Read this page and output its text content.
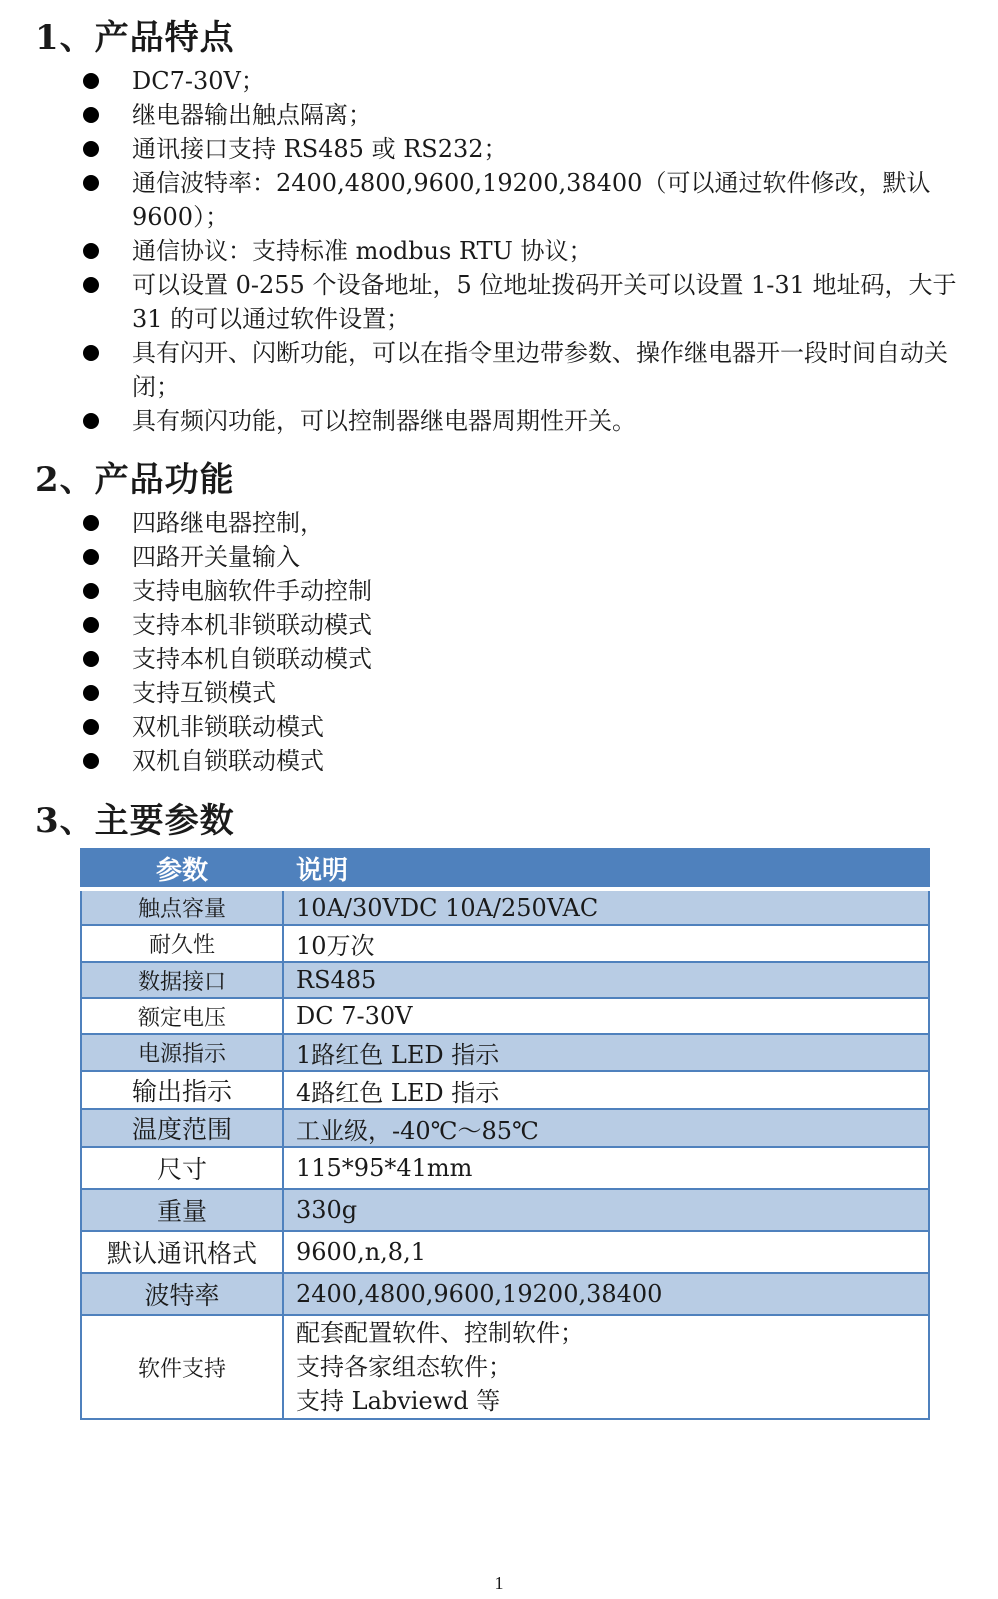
1、产品特点
DC7-30V；
继电器输出触点隔离；
通讯接口支持 RS485 或 RS232；
通信波特率：2400,4800,9600,19200,38400（可以通过软件修改，默认 9600）；
通信协议：支持标准 modbus RTU 协议；
可以设置 0-255 个设备地址，5 位地址拨码开关可以设置 1-31 地址码，大于 31 的可以通过软件设置；
具有闪开、闪断功能，可以在指令里边带参数、操作继电器开一段时间自动关闭；
具有频闪功能，可以控制器继电器周期性开关。
2、产品功能
四路继电器控制，
四路开关量输入
支持电脑软件手动控制
支持本机非锁联动模式
支持本机自锁联动模式
支持互锁模式
双机非锁联动模式
双机自锁联动模式
3、主要参数
参数	说明
触点容量	10A/30VDC 10A/250VAC
耐久性	10万次
数据接口	RS485
额定电压	DC 7-30V
电源指示	1路红色 LED 指示
输出指示	4路红色 LED 指示
温度范围	工业级，-40℃～85℃
尺寸	115*95*41mm
重量	330g
默认通讯格式	9600,n,8,1
波特率	2400,4800,9600,19200,38400
软件支持	配套配置软件、控制软件；
支持各家组态软件；
支持 Labviewd 等
1
